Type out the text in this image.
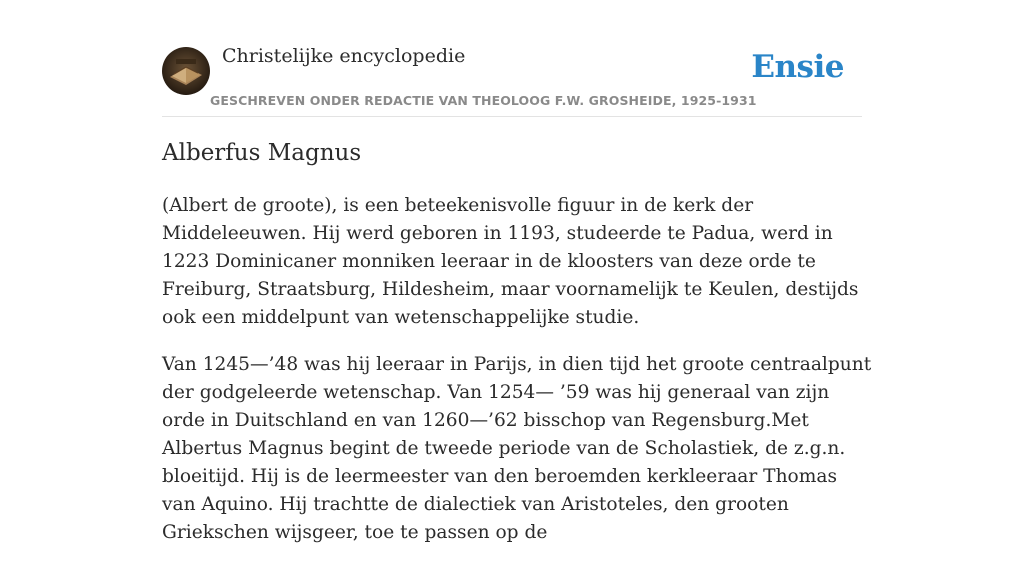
Christelijke encyclopedie
GESCHREVEN ONDER REDACTIE VAN THEOLOOG F.W. GROSHEIDE, 1925-1931
Ensie
Alberfus Magnus

(Albert de groote), is een beteekenisvolle figuur in de kerk der Middeleeuwen. Hij werd geboren in 1193, studeerde te Padua, werd in 1223 Dominicaner monniken leeraar in de kloosters van deze orde te Freiburg, Straatsburg, Hildesheim, maar voornamelijk te Keulen, destijds ook een middelpunt van wetenschappelijke studie.

Van 1245—’48 was hij leeraar in Parijs, in dien tijd het groote centraalpunt der godgeleerde wetenschap. Van 1254— ’59 was hij generaal van zijn orde in Duitschland en van 1260—’62 bisschop van Regensburg.Met Albertus Magnus begint de tweede periode van de Scholastiek, de z.g.n. bloeitijd. Hij is de leermeester van den beroemden kerkleeraar Thomas van Aquino. Hij trachtte de dialectiek van Aristoteles, den grooten Griekschen wijsgeer, toe te passen op de
